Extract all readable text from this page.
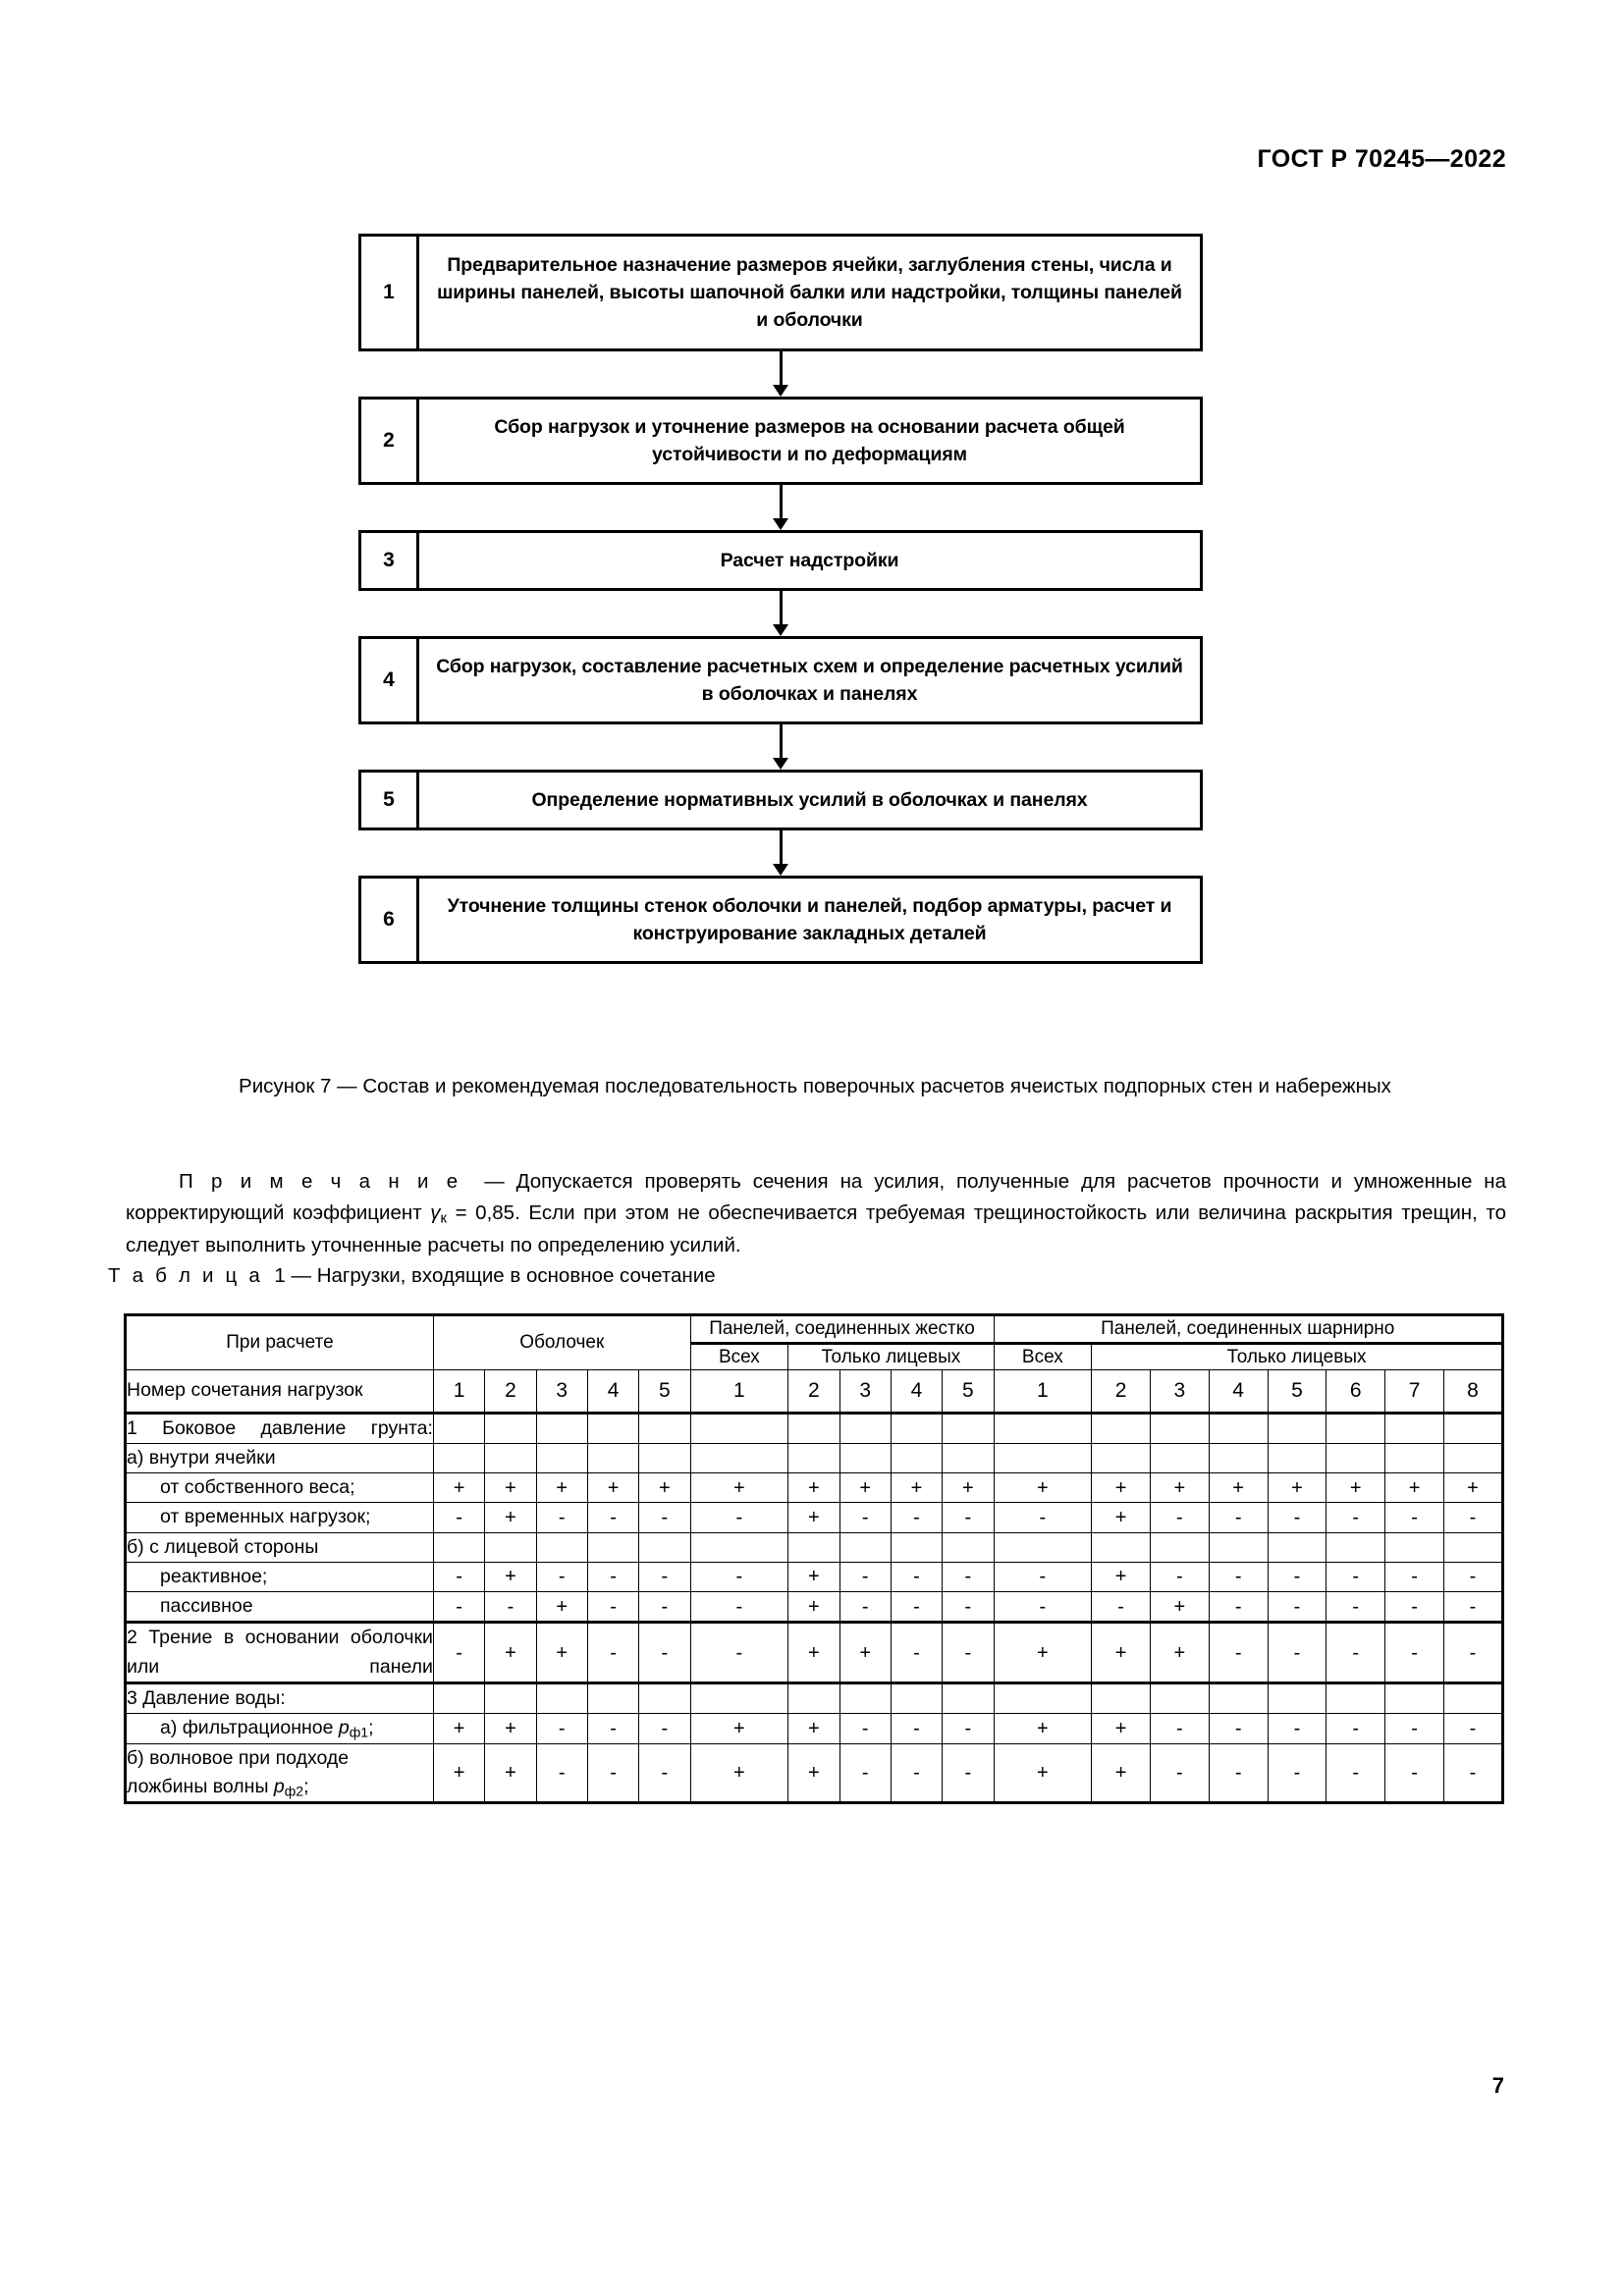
ГОСТ Р 70245—2022
1
Предварительное назначение размеров ячейки, заглубления стены, числа и ширины панелей, высоты шапочной балки или надстройки, толщины панелей и оболочки
2
Сбор нагрузок и уточнение размеров на основании расчета общей устойчивости и по деформациям
3	Расчет надстройки
4
Сбор нагрузок, составление расчетных схем и определение расчетных усилий в оболочках и панелях
5	Определение нормативных усилий в оболочках и панелях
6
Уточнение толщины стенок оболочки и панелей, подбор арматуры, расчет и конструирование закладных деталей
Рисунок 7 — Состав и рекомендуемая последовательность поверочных расчетов ячеистых подпорных стен и набережных
П р и м е ч а н и е — Допускается проверять сечения на усилия, полученные для расчетов прочности и умноженные на корректирующий коэффициент $\gamma_к = 0,85$. Если при этом не обеспечивается требуемая трещиностойкость или величина раскрытия трещин, то следует выполнить уточненные расчеты по определению усилий.
Т а б л и ц а 1 — Нагрузки, входящие в основное сочетание
При расчете	Оболочек					Панелей, соединенных жестко					Панелей, соединенных шарнирно							
						Всех	Только лицевых				Всех	Только лицевых						
Номер сочетания нагрузок	1	2	3	4	5	1	2	3	4	5	1	2	3	4	5	6	7	8
1 Боковое давление грунта:																		
а) внутри ячейки																		
от собственного веса;	+	+	+	+	+	+	+	+	+	+	+	+	+	+	+	+	+	+
от временных нагрузок;	-	+	-	-	-	-	+	-	-	-	-	+	-	-	-	-	-	-
б) с лицевой стороны																		
реактивное;	-	+	-	-	-	-	+	-	-	-	-	+	-	-	-	-	-	-
пассивное	-	-	+	-	-	-	+	-	-	-	-	-	+	-	-	-	-	-
2 Трение в основании оболочки или панели	-	+	+	-	-	-	+	+	-	-	+	+	+	-	-	-	-	-
3 Давление воды:																		
а) фильтрационное $p_{ф1}$;	+	+	-	-	-	+	+	-	-	-	+	+	-	-	-	-	-	-
б) волновое при подходе ложбины волны $p_{ф2}$;	+	+	-	-	-	+	+	-	-	-	+	+	-	-	-	-	-	-
7
